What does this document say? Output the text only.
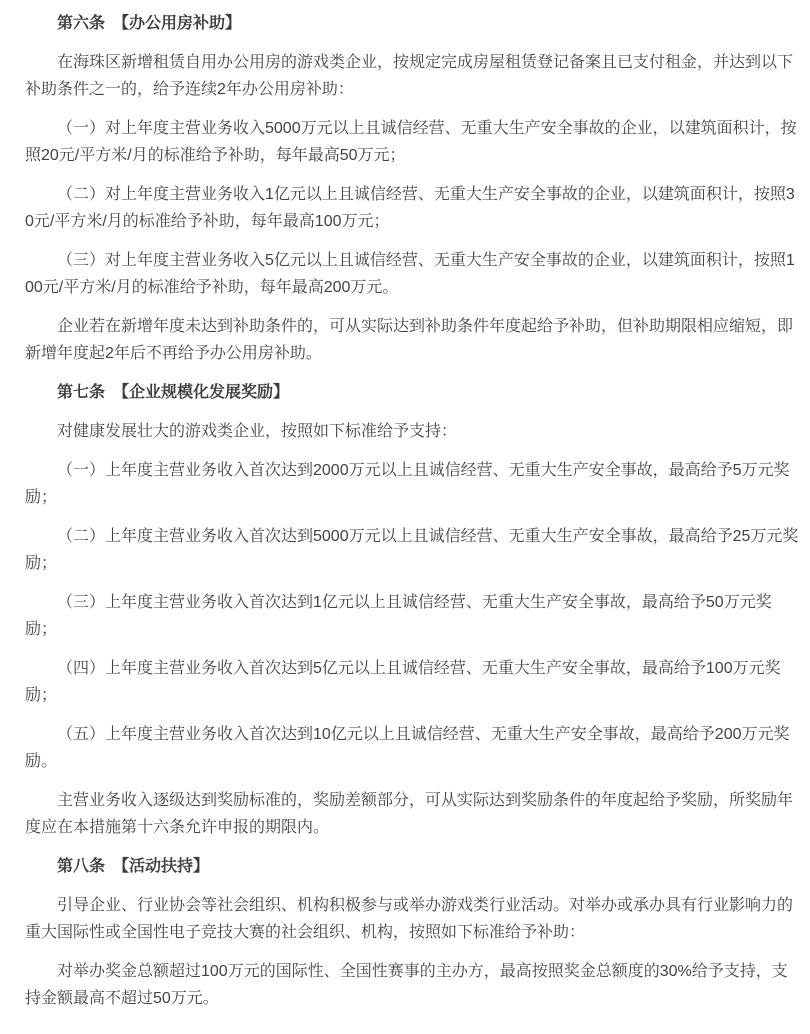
第六条　【办公用房补助】

在海珠区新增租赁自用办公用房的游戏类企业，按规定完成房屋租赁登记备案且已支付租金，并达到以下补助条件之一的，给予连续2年办公用房补助：

（一）对上年度主营业务收入5000万元以上且诚信经营、无重大生产安全事故的企业，以建筑面积计，按照20元/平方米/月的标准给予补助，每年最高50万元；

（二）对上年度主营业务收入1亿元以上且诚信经营、无重大生产安全事故的企业，以建筑面积计，按照30元/平方米/月的标准给予补助，每年最高100万元；

（三）对上年度主营业务收入5亿元以上且诚信经营、无重大生产安全事故的企业，以建筑面积计，按照100元/平方米/月的标准给予补助，每年最高200万元。

企业若在新增年度未达到补助条件的，可从实际达到补助条件年度起给予补助，但补助期限相应缩短，即新增年度起2年后不再给予办公用房补助。

第七条　【企业规模化发展奖励】

对健康发展壮大的游戏类企业，按照如下标准给予支持：

（一）上年度主营业务收入首次达到2000万元以上且诚信经营、无重大生产安全事故，最高给予5万元奖励；

（二）上年度主营业务收入首次达到5000万元以上且诚信经营、无重大生产安全事故，最高给予25万元奖励；

（三）上年度主营业务收入首次达到1亿元以上且诚信经营、无重大生产安全事故，最高给予50万元奖励；

（四）上年度主营业务收入首次达到5亿元以上且诚信经营、无重大生产安全事故，最高给予100万元奖励；

（五）上年度主营业务收入首次达到10亿元以上且诚信经营、无重大生产安全事故，最高给予200万元奖励。

主营业务收入逐级达到奖励标准的，奖励差额部分，可从实际达到奖励条件的年度起给予奖励，所奖励年度应在本措施第十六条允许申报的期限内。

第八条　【活动扶持】

引导企业、行业协会等社会组织、机构积极参与或举办游戏类行业活动。对举办或承办具有行业影响力的重大国际性或全国性电子竞技大赛的社会组织、机构，按照如下标准给予补助：

对举办奖金总额超过100万元的国际性、全国性赛事的主办方，最高按照奖金总额度的30%给予支持，支持金额最高不超过50万元。
